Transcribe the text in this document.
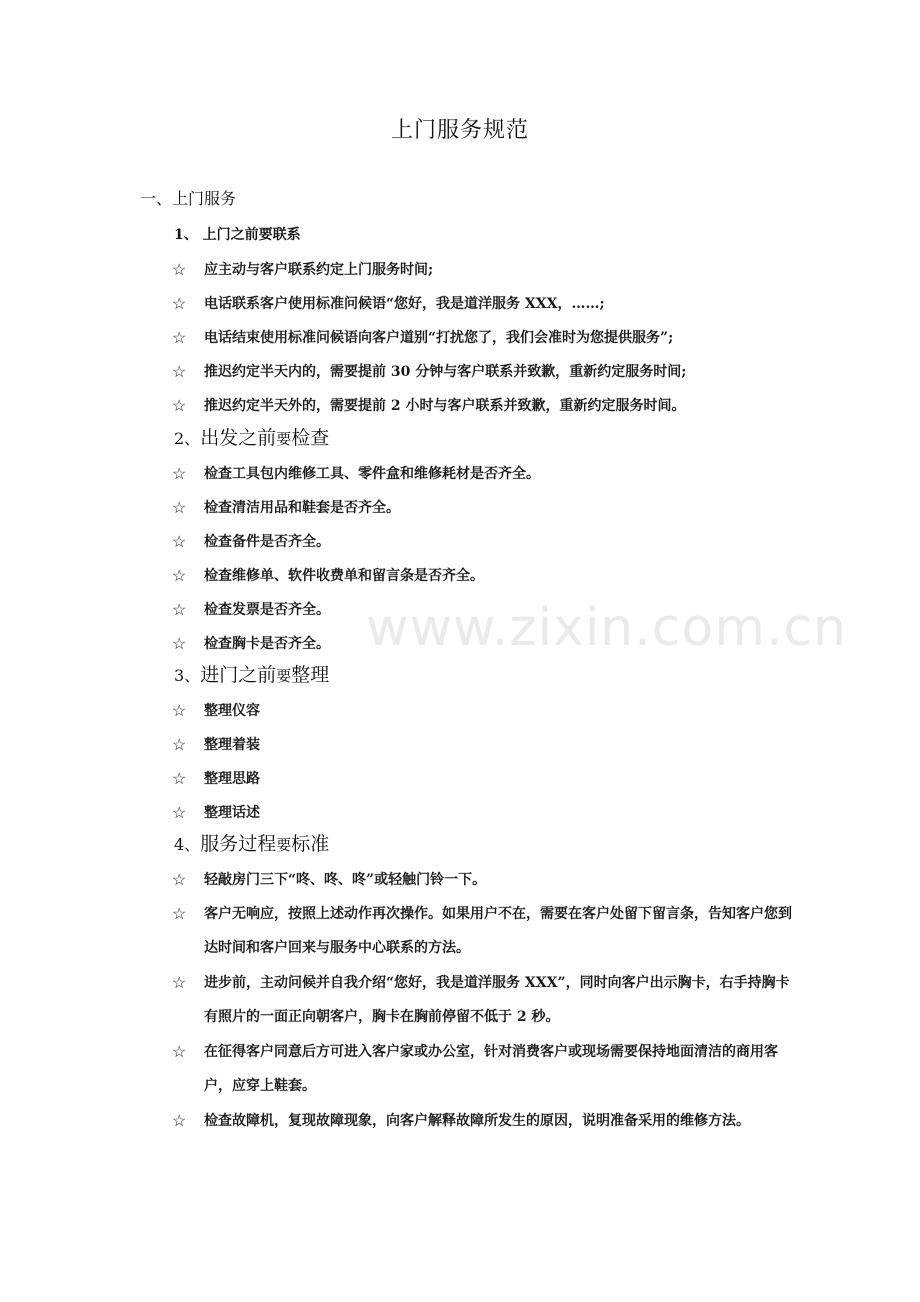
www.zixin.com.cn
上门服务规范
一、上门服务
1、 上门之前要联系
☆	应主动与客户联系约定上门服务时间;
☆	电话联系客户使用标准问候语“您好，我是道洋服务 XXX，……;
☆	电话结束使用标准问候语向客户道别“打扰您了，我们会准时为您提供服务”;
☆	推迟约定半天内的，需要提前 30 分钟与客户联系并致歉，重新约定服务时间;
☆	推迟约定半天外的，需要提前 2 小时与客户联系并致歉，重新约定服务时间。
2、出发之前要检查
☆	检查工具包内维修工具、零件盒和维修耗材是否齐全。
☆	检查清洁用品和鞋套是否齐全。
☆	检查备件是否齐全。
☆	检查维修单、软件收费单和留言条是否齐全。
☆	检查发票是否齐全。
☆	检查胸卡是否齐全。
3、进门之前要整理
☆	整理仪容
☆	整理着装
☆	整理思路
☆	整理话述
4、服务过程要标准
☆	轻敲房门三下“咚、咚、咚”或轻触门铃一下。
☆	客户无响应，按照上述动作再次操作。如果用户不在，需要在客户处留下留言条，告知客户您到达时间和客户回来与服务中心联系的方法。
☆	进步前，主动问候并自我介绍“您好，我是道洋服务 XXX”，同时向客户出示胸卡，右手持胸卡有照片的一面正向朝客户，胸卡在胸前停留不低于 2 秒。
☆	在征得客户同意后方可进入客户家或办公室，针对消费客户或现场需要保持地面清洁的商用客户，应穿上鞋套。
☆	检查故障机，复现故障现象，向客户解释故障所发生的原因，说明准备采用的维修方法。
